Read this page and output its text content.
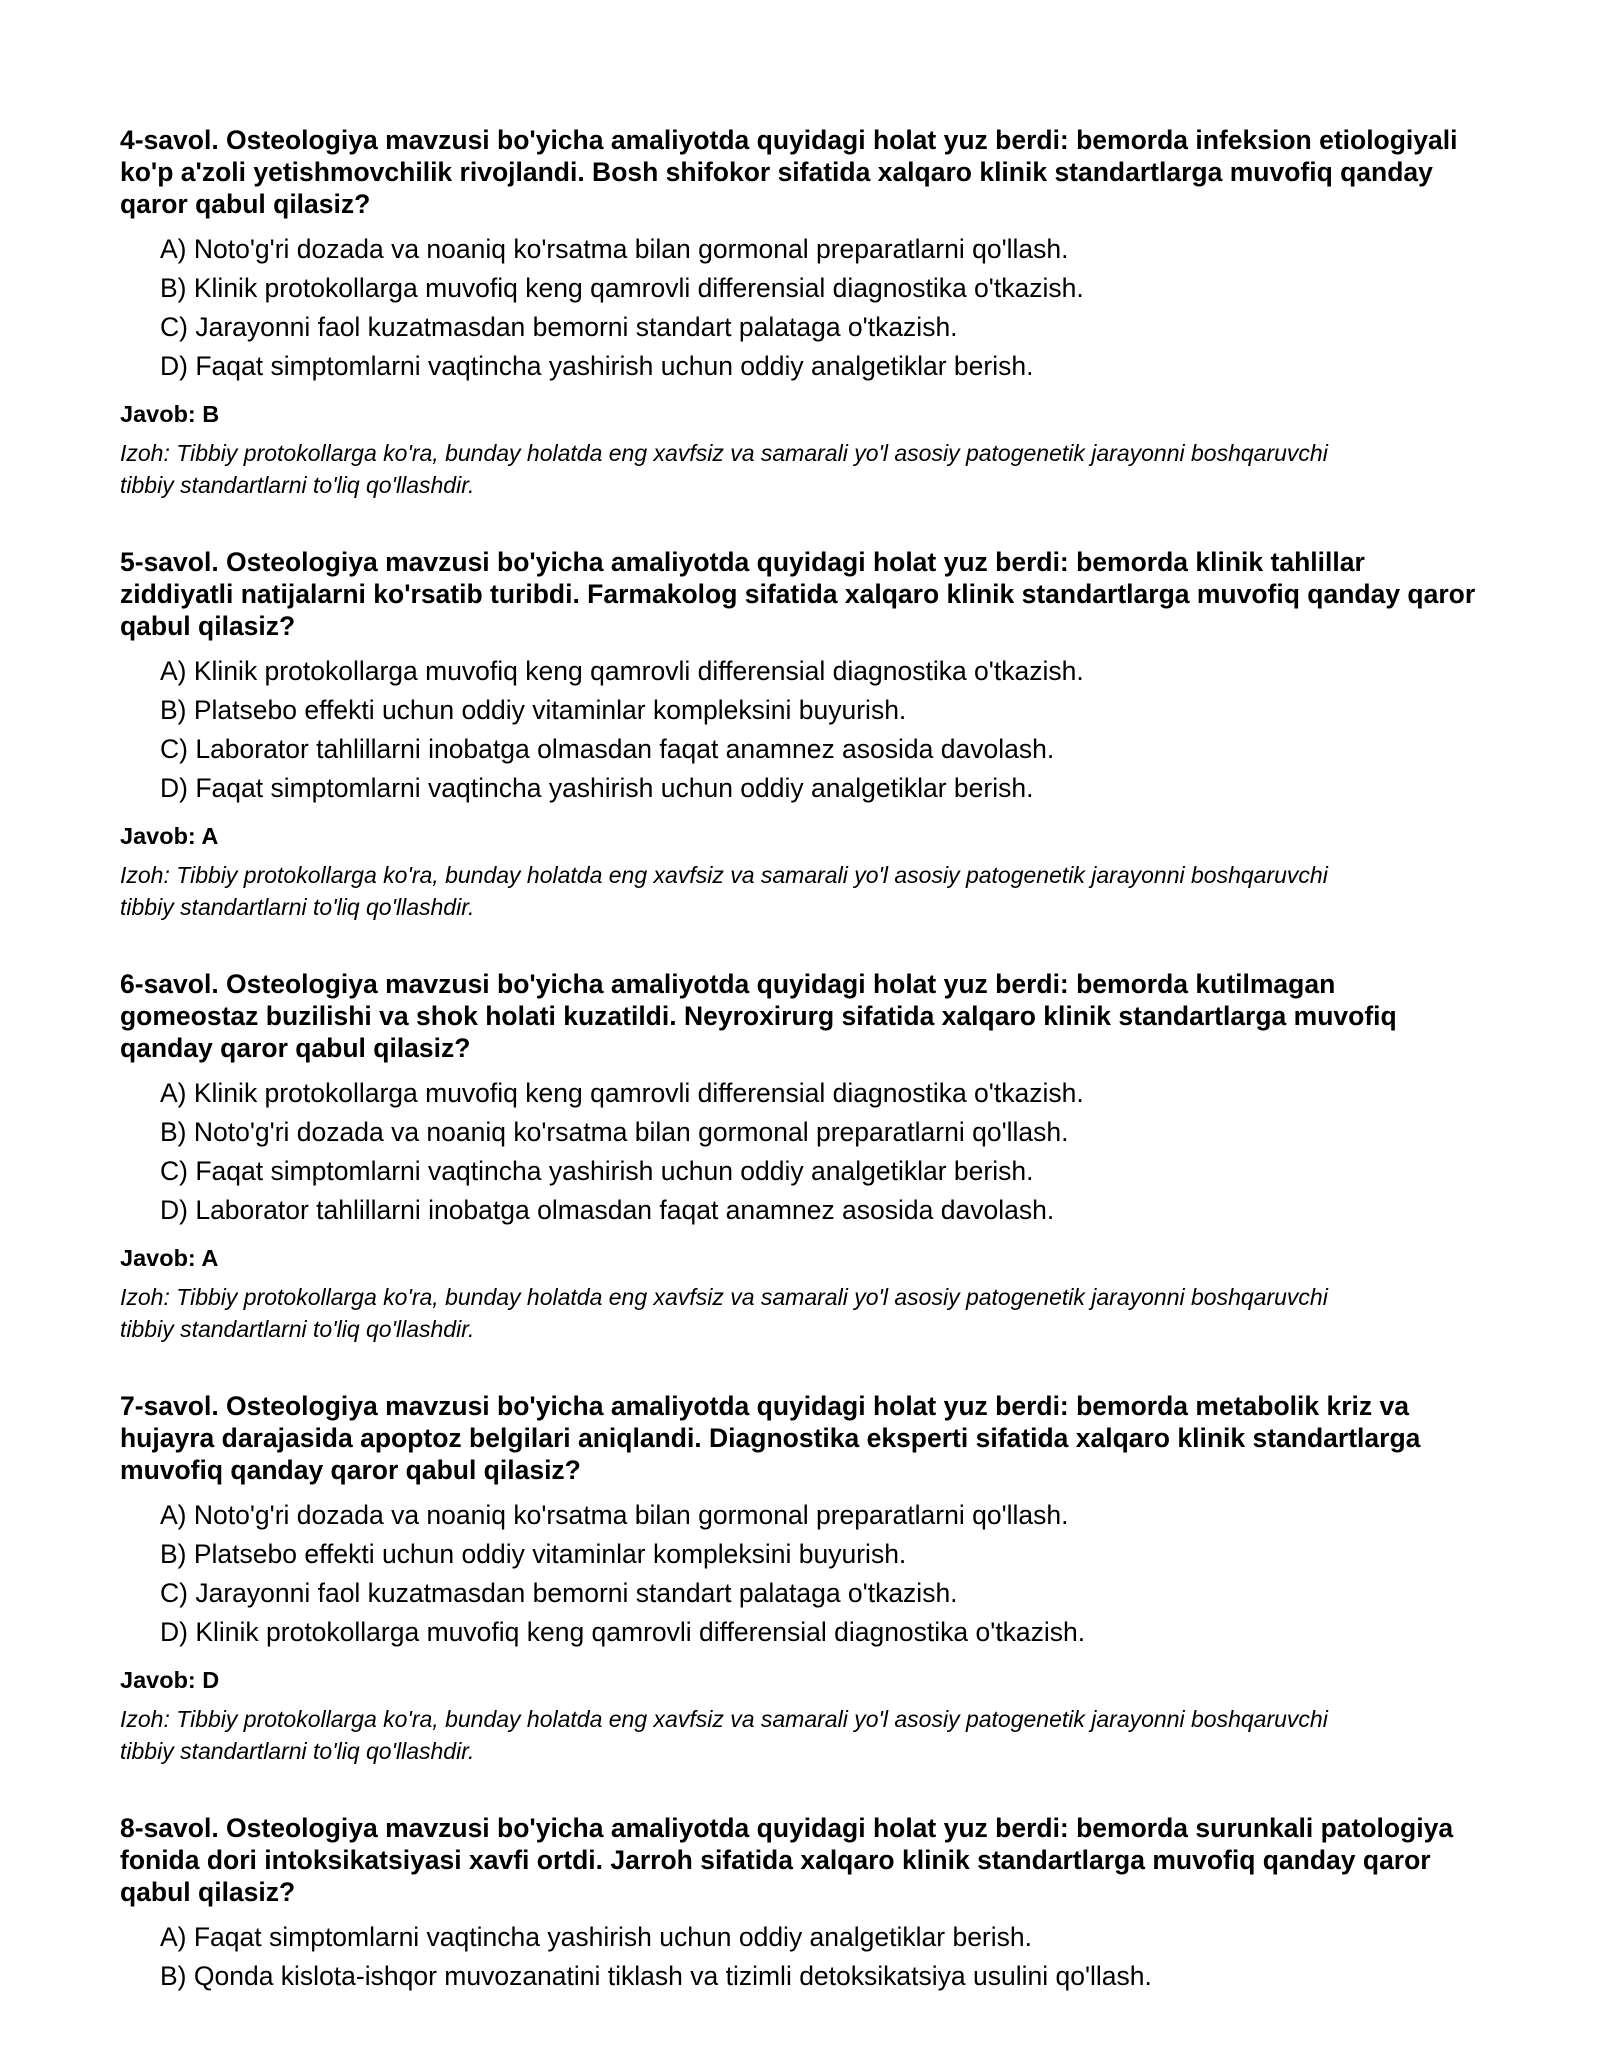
4-savol. Osteologiya mavzusi bo'yicha amaliyotda quyidagi holat yuz berdi: bemorda infeksion etiologiyali ko'p a'zoli yetishmovchilik rivojlandi. Bosh shifokor sifatida xalqaro klinik standartlarga muvofiq qanday qaror qabul qilasiz?
A) Noto'g'ri dozada va noaniq ko'rsatma bilan gormonal preparatlarni qo'llash.
B) Klinik protokollarga muvofiq keng qamrovli differensial diagnostika o'tkazish.
C) Jarayonni faol kuzatmasdan bemorni standart palataga o'tkazish.
D) Faqat simptomlarni vaqtincha yashirish uchun oddiy analgetiklar berish.
Javob: B

Izoh: Tibbiy protokollarga ko'ra, bunday holatda eng xavfsiz va samarali yo'l asosiy patogenetik jarayonni boshqaruvchi tibbiy standartlarni to'liq qo'llashdir.

5-savol. Osteologiya mavzusi bo'yicha amaliyotda quyidagi holat yuz berdi: bemorda klinik tahlillar ziddiyatli natijalarni ko'rsatib turibdi. Farmakolog sifatida xalqaro klinik standartlarga muvofiq qanday qaror qabul qilasiz?
A) Klinik protokollarga muvofiq keng qamrovli differensial diagnostika o'tkazish.
B) Platsebo effekti uchun oddiy vitaminlar kompleksini buyurish.
C) Laborator tahlillarni inobatga olmasdan faqat anamnez asosida davolash.
D) Faqat simptomlarni vaqtincha yashirish uchun oddiy analgetiklar berish.
Javob: A

Izoh: Tibbiy protokollarga ko'ra, bunday holatda eng xavfsiz va samarali yo'l asosiy patogenetik jarayonni boshqaruvchi tibbiy standartlarni to'liq qo'llashdir.

6-savol. Osteologiya mavzusi bo'yicha amaliyotda quyidagi holat yuz berdi: bemorda kutilmagan gomeostaz buzilishi va shok holati kuzatildi. Neyroxirurg sifatida xalqaro klinik standartlarga muvofiq qanday qaror qabul qilasiz?
A) Klinik protokollarga muvofiq keng qamrovli differensial diagnostika o'tkazish.
B) Noto'g'ri dozada va noaniq ko'rsatma bilan gormonal preparatlarni qo'llash.
C) Faqat simptomlarni vaqtincha yashirish uchun oddiy analgetiklar berish.
D) Laborator tahlillarni inobatga olmasdan faqat anamnez asosida davolash.
Javob: A

Izoh: Tibbiy protokollarga ko'ra, bunday holatda eng xavfsiz va samarali yo'l asosiy patogenetik jarayonni boshqaruvchi tibbiy standartlarni to'liq qo'llashdir.

7-savol. Osteologiya mavzusi bo'yicha amaliyotda quyidagi holat yuz berdi: bemorda metabolik kriz va hujayra darajasida apoptoz belgilari aniqlandi. Diagnostika eksperti sifatida xalqaro klinik standartlarga muvofiq qanday qaror qabul qilasiz?
A) Noto'g'ri dozada va noaniq ko'rsatma bilan gormonal preparatlarni qo'llash.
B) Platsebo effekti uchun oddiy vitaminlar kompleksini buyurish.
C) Jarayonni faol kuzatmasdan bemorni standart palataga o'tkazish.
D) Klinik protokollarga muvofiq keng qamrovli differensial diagnostika o'tkazish.
Javob: D

Izoh: Tibbiy protokollarga ko'ra, bunday holatda eng xavfsiz va samarali yo'l asosiy patogenetik jarayonni boshqaruvchi tibbiy standartlarni to'liq qo'llashdir.

8-savol. Osteologiya mavzusi bo'yicha amaliyotda quyidagi holat yuz berdi: bemorda surunkali patologiya fonida dori intoksikatsiyasi xavfi ortdi. Jarroh sifatida xalqaro klinik standartlarga muvofiq qanday qaror qabul qilasiz?
A) Faqat simptomlarni vaqtincha yashirish uchun oddiy analgetiklar berish.
B) Qonda kislota-ishqor muvozanatini tiklash va tizimli detoksikatsiya usulini qo'llash.
